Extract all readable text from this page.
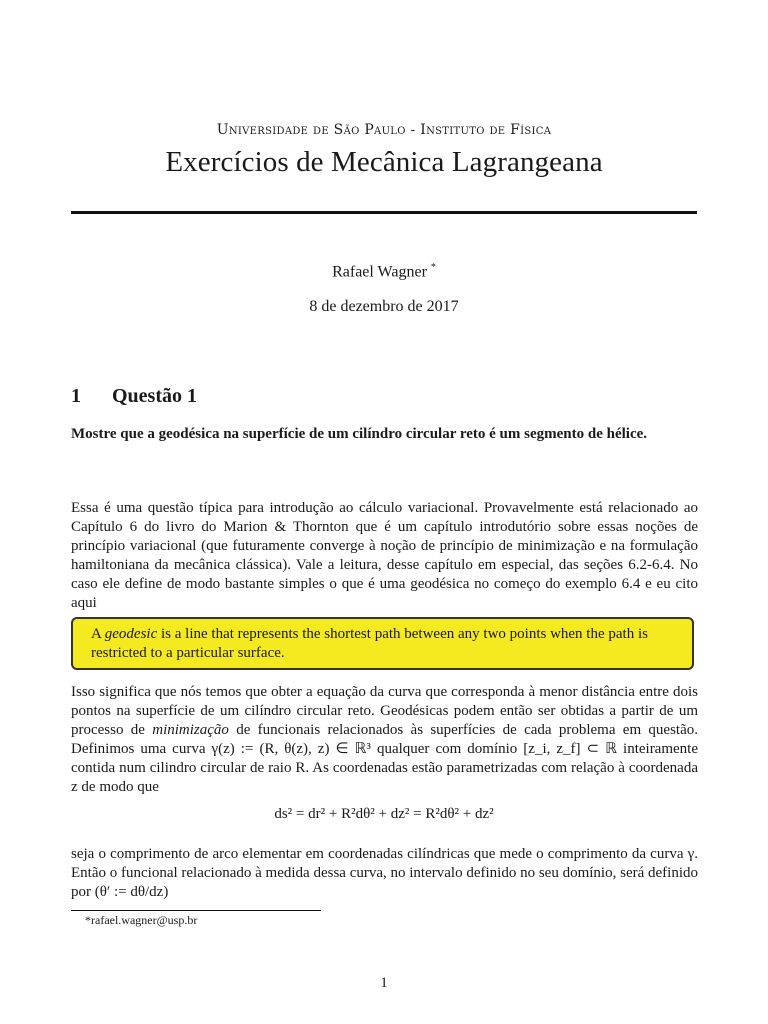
Universidade de São Paulo - Instituto de Física
Exercícios de Mecânica Lagrangeana
Rafael Wagner *
8 de dezembro de 2017
1 Questão 1
Mostre que a geodésica na superfície de um cilíndro circular reto é um segmento de hélice.
Essa é uma questão típica para introdução ao cálculo variacional. Provavelmente está relacionado ao Capítulo 6 do livro do Marion & Thornton que é um capítulo introdutório sobre essas noções de princípio variacional (que futuramente converge à noção de princípio de minimização e na formulação hamiltoniana da mecânica clássica). Vale a leitura, desse capítulo em especial, das seções 6.2-6.4. No caso ele define de modo bastante simples o que é uma geodésica no começo do exemplo 6.4 e eu cito aqui
A geodesic is a line that represents the shortest path between any two points when the path is restricted to a particular surface.
Isso significa que nós temos que obter a equação da curva que corresponda à menor distância entre dois pontos na superfície de um cilíndro circular reto. Geodésicas podem então ser obtidas a partir de um processo de minimização de funcionais relacionados às superfícies de cada problema em questão. Definimos uma curva γ(z) := (R, θ(z), z) ∈ ℝ³ qualquer com domínio [z_i, z_f] ⊂ ℝ inteiramente contida num cilindro circular de raio R. As coordenadas estão parametrizadas com relação à coordenada z de modo que
ds² = dr² + R²dθ² + dz² = R²dθ² + dz²
seja o comprimento de arco elementar em coordenadas cilíndricas que mede o comprimento da curva γ. Então o funcional relacionado à medida dessa curva, no intervalo definido no seu domínio, será definido por (θ′ := dθ/dz)
*rafael.wagner@usp.br
1
